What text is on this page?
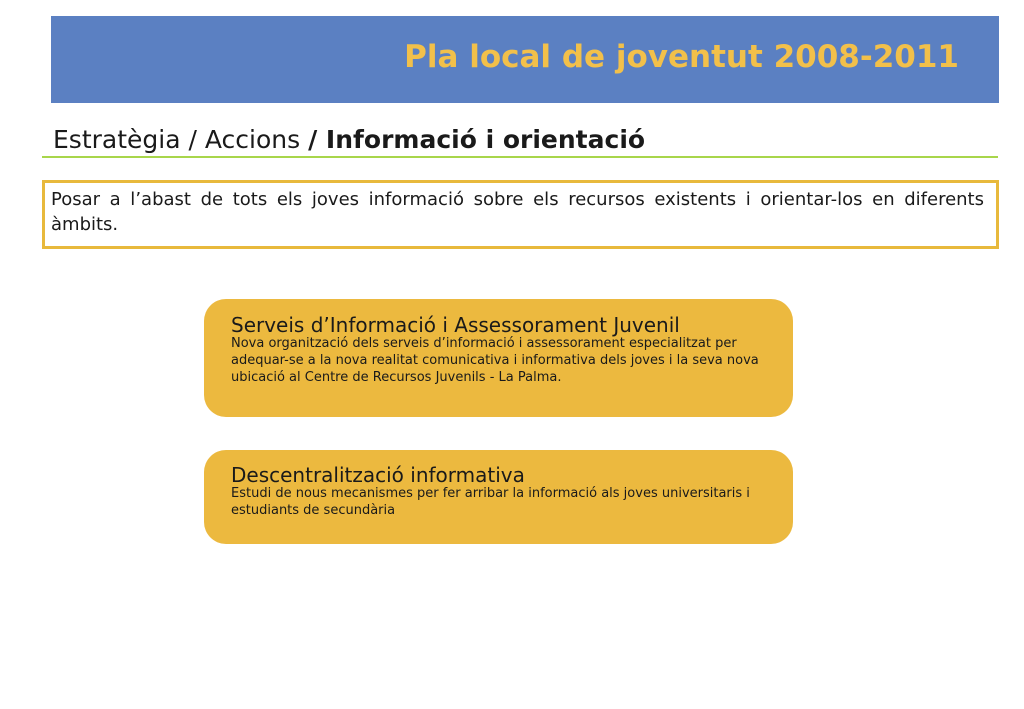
Pla local de joventut 2008-2011
Estratègia / Accions / Informació i orientació
Posar a l’abast de tots els joves informació sobre els recursos existents i orientar-los en diferents àmbits.
Serveis d’Informació i Assessorament Juvenil
Nova organització dels serveis d’informació i assessorament especialitzat per adequar-se a la nova realitat comunicativa i informativa dels joves i la seva nova ubicació al Centre de Recursos Juvenils - La Palma.
Descentralització informativa
Estudi de nous mecanismes per fer arribar la informació als joves universitaris i estudiants de secundària
